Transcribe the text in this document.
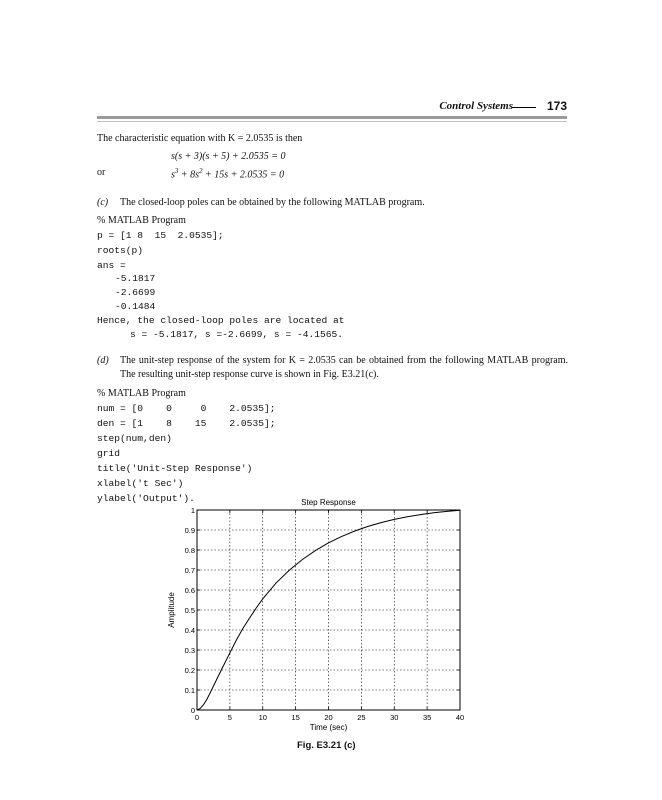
Control Systems	173
The characteristic equation with K = 2.0535 is then
s(s + 3)(s + 5) + 2.0535 = 0
or	$s^3 + 8s^2 + 15s + 2.0535 = 0$
(c) The closed-loop poles can be obtained by the following MATLAB program.
% MATLAB Program
p = [1 8  15  2.0535];
roots(p)
ans =
-5.1817
-2.6699
-0.1484
Hence, the closed-loop poles are located at
s = -5.1817, s =-2.6699, s = -4.1565.
(d) The unit-step response of the system for K = 2.0535 can be obtained from the following MATLAB program. The resulting unit-step response curve is shown in Fig. E3.21(c).
% MATLAB Program
num = [0    0     0    2.0535];
den = [1    8    15    2.0535];
step(num,den)
grid
title('Unit-Step Response')
xlabel('t Sec')
ylabel('Output').
0	5	10	15	20	25	30	35	40
0
0.1
0.2
0.3
0.4
0.5
0.6
0.7
0.8
0.9
1
Step Response
Time (sec)
Amplitude
Fig. E3.21 (c)
